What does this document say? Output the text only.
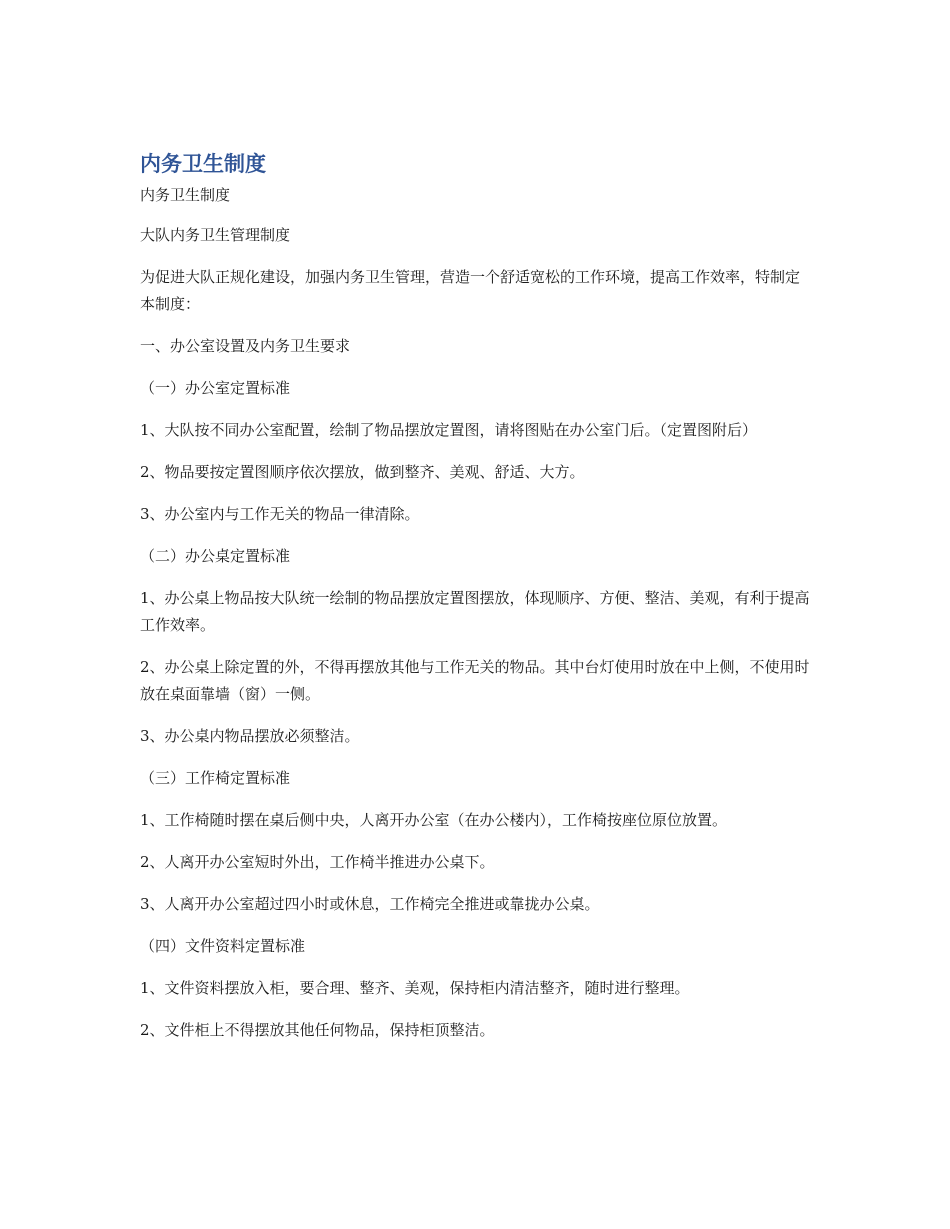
内务卫生制度

内务卫生制度

大队内务卫生管理制度

为促进大队正规化建设，加强内务卫生管理，营造一个舒适宽松的工作环境，提高工作效率，特制定本制度：

一、办公室设置及内务卫生要求

（一）办公室定置标准

1、大队按不同办公室配置，绘制了物品摆放定置图，请将图贴在办公室门后。（定置图附后）

2、物品要按定置图顺序依次摆放，做到整齐、美观、舒适、大方。

3、办公室内与工作无关的物品一律清除。

（二）办公桌定置标准

1、办公桌上物品按大队统一绘制的物品摆放定置图摆放，体现顺序、方便、整洁、美观，有利于提高工作效率。

2、办公桌上除定置的外，不得再摆放其他与工作无关的物品。其中台灯使用时放在中上侧，不使用时放在桌面靠墙（窗）一侧。

3、办公桌内物品摆放必须整洁。

（三）工作椅定置标准

1、工作椅随时摆在桌后侧中央，人离开办公室（在办公楼内），工作椅按座位原位放置。

2、人离开办公室短时外出，工作椅半推进办公桌下。

3、人离开办公室超过四小时或休息，工作椅完全推进或靠拢办公桌。

（四）文件资料定置标准

1、文件资料摆放入柜，要合理、整齐、美观，保持柜内清洁整齐，随时进行整理。

2、文件柜上不得摆放其他任何物品，保持柜顶整洁。
